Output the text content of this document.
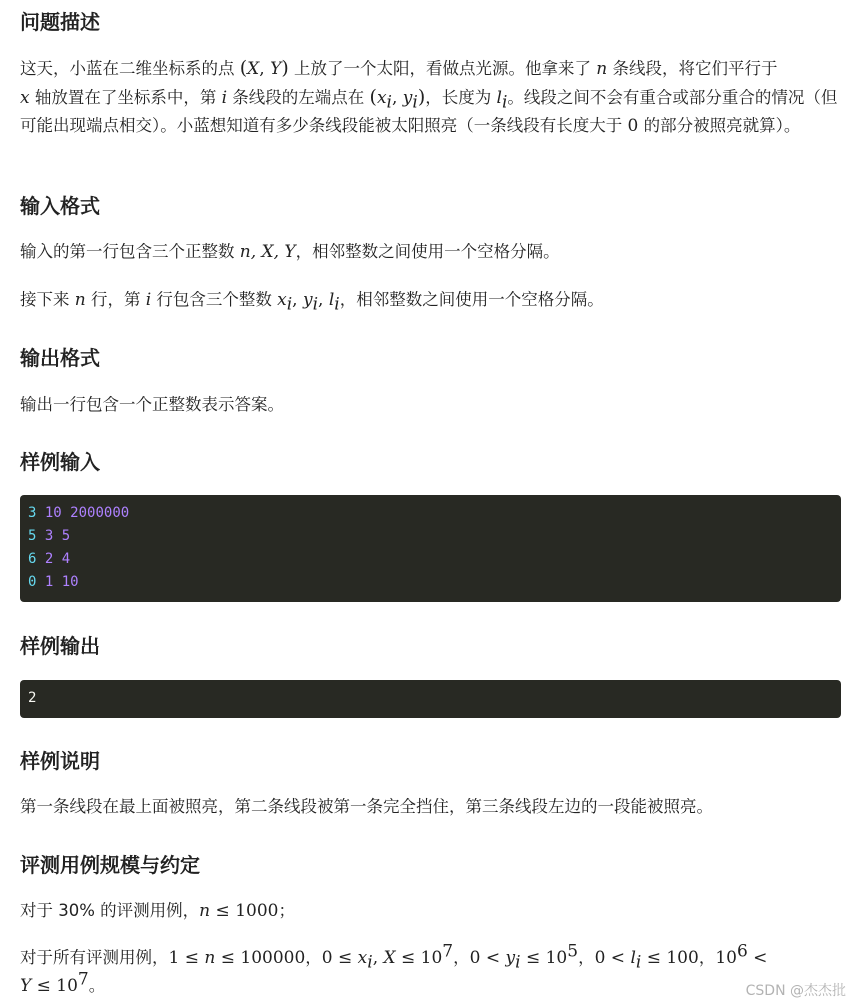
问题描述

这天，小蓝在二维坐标系的点 (X, Y) 上放了一个太阳，看做点光源。他拿来了 n 条线段，将它们平行于
x 轴放置在了坐标系中，第 i 条线段的左端点在 ($x_i$, $y_i$)，长度为 $l_i$。线段之间不会有重合或部分重合的情况（但可能出现端点相交）。小蓝想知道有多少条线段能被太阳照亮（一条线段有长度大于 0 的部分被照亮就算）。

输入格式

输入的第一行包含三个正整数 n, X, Y，相邻整数之间使用一个空格分隔。

接下来 n 行，第 i 行包含三个整数 $x_i$, $y_i$, $l_i$，相邻整数之间使用一个空格分隔。

输出格式

输出一行包含一个正整数表示答案。

样例输入
3 10 2000000
5 3 5
6 2 4
0 1 10
样例输出
2
样例说明

第一条线段在最上面被照亮，第二条线段被第一条完全挡住，第三条线段左边的一段能被照亮。

评测用例规模与约定

对于 30% 的评测用例，n ≤ 1000；

对于所有评测用例，1 ≤ n ≤ 100000，$0 \le x_i$, $X \le 10^7$，$0 < y_i \le 10^5$，$0 < l_i \le 100$，$10^6$ <
$Y \le 10^7$。	CSDN @杰杰批
